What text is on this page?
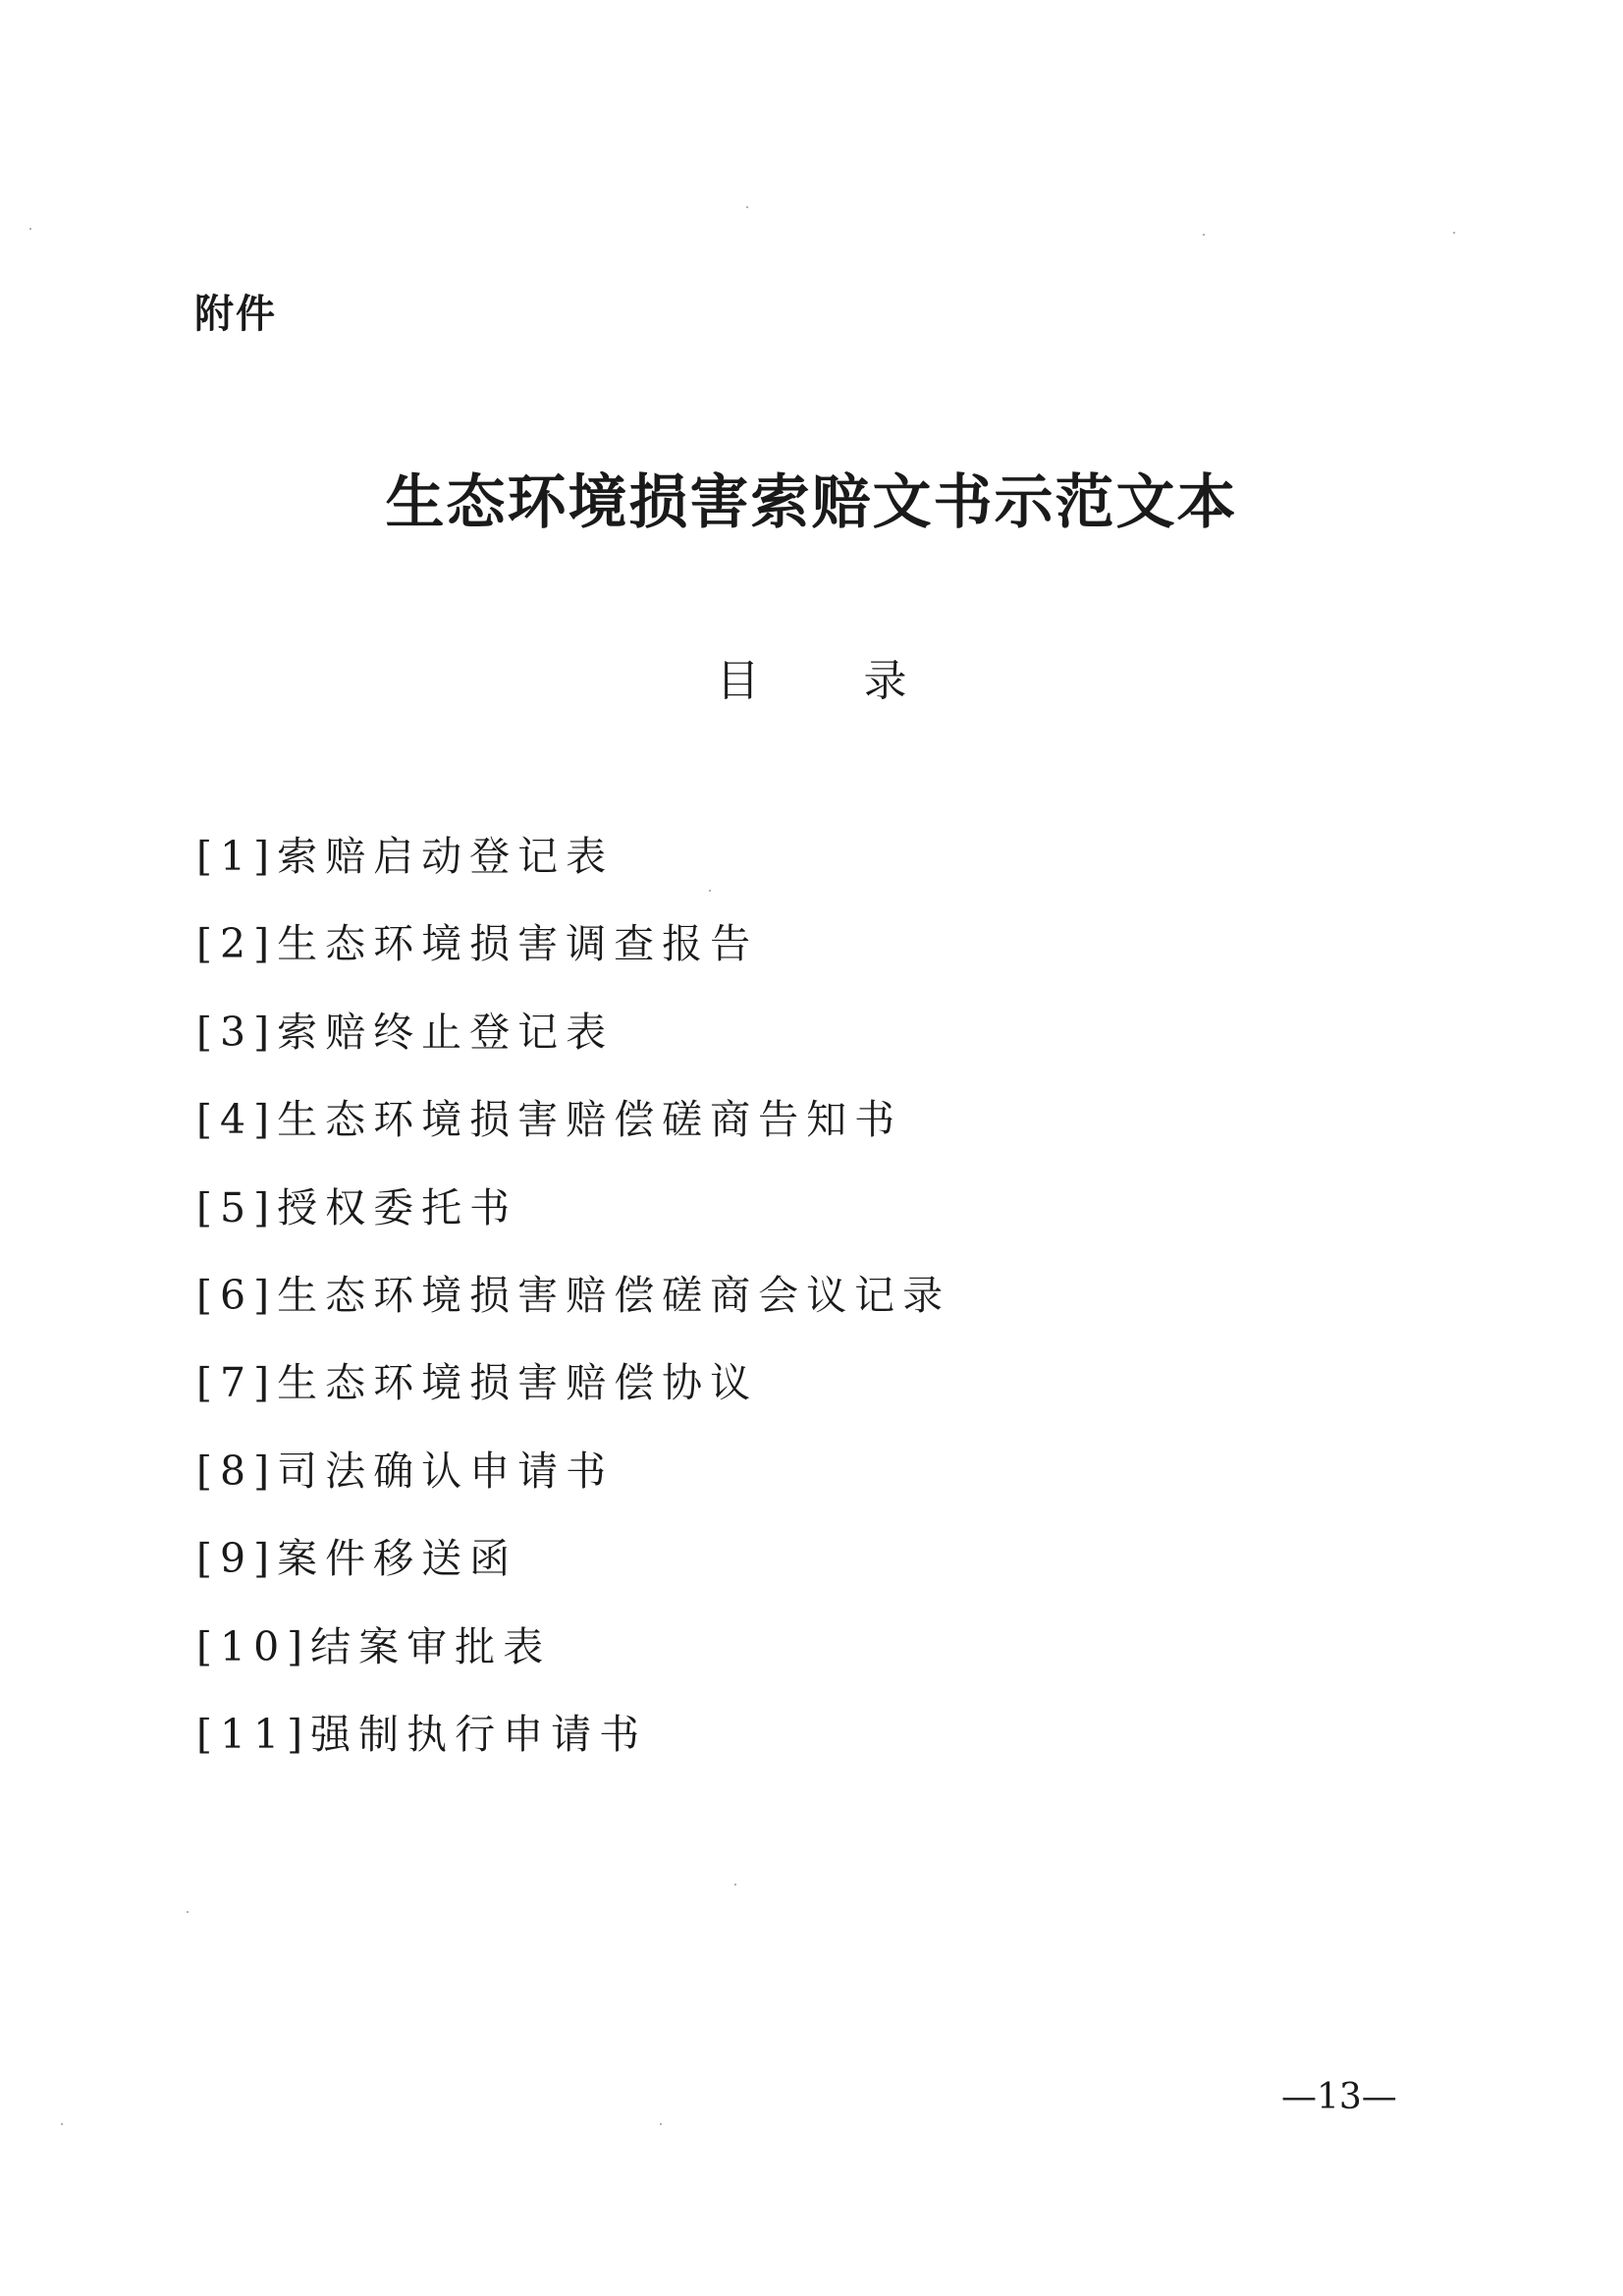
附件
生态环境损害索赔文书示范文本
目 录
[1]索赔启动登记表
[2]生态环境损害调查报告
[3]索赔终止登记表
[4]生态环境损害赔偿磋商告知书
[5]授权委托书
[6]生态环境损害赔偿磋商会议记录
[7]生态环境损害赔偿协议
[8]司法确认申请书
[9]案件移送函
[10]结案审批表
[11]强制执行申请书
—13—
